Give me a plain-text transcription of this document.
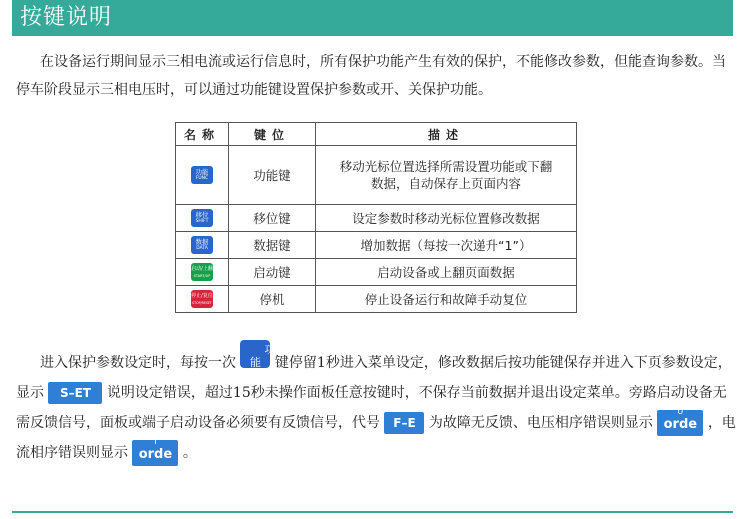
按键说明

在设备运行期间显示三相电流或运行信息时，所有保护功能产生有效的保护，不能修改参数，但能查询参数。当停车阶段显示三相电压时，可以通过功能键设置保护参数或开、关保护功能。

名称	键位	描述

功能
FUNC	功能键	移动光标位置选择所需设置功能或下翻
数据，自动保存上页面内容

移位
SHIFT	移位键	设定参数时移动光标位置修改数据

数据
DATA	数据键	增加数据（每按一次递升“1”）

启动/上翻
START/UP	启动键	启动设备或上翻页面数据

停止/复位
STOP/RESET	停机	停止设备运行和故障手动复位

进入保护参数设定时，每按一次
功能
FUNC
键停留1秒进入菜单设定，修改数据后按功能键保存并进入下页参数设定，显示 S–ET 说明设定错误，超过15秒未操作面板任意按键时，不保存当前数据并退出设定菜单。旁路启动设备无需反馈信号，面板或端子启动设备必须要有反馈信号，代号 F–E 为故障无反馈、电压相序错误则显示
U
orde ，电流相序错误则显示
I
orde 。
